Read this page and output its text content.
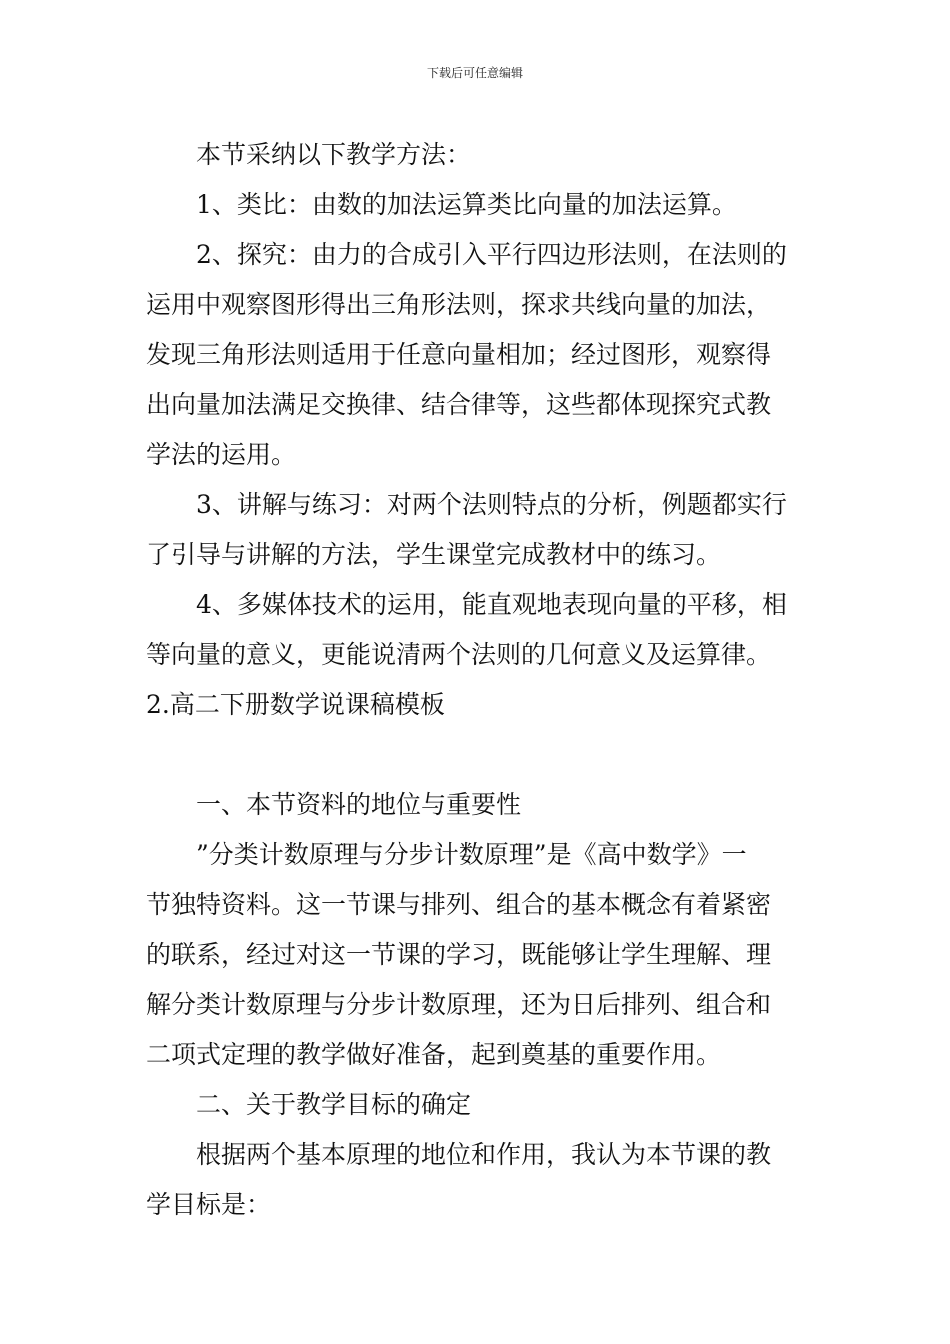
下载后可任意编辑
本节采纳以下教学方法：
1、类比：由数的加法运算类比向量的加法运算。
2、探究：由力的合成引入平行四边形法则，在法则的
运用中观察图形得出三角形法则，探求共线向量的加法，
发现三角形法则适用于任意向量相加；经过图形，观察得
出向量加法满足交换律、结合律等，这些都体现探究式教
学法的运用。
3、讲解与练习：对两个法则特点的分析，例题都实行
了引导与讲解的方法，学生课堂完成教材中的练习。
4、多媒体技术的运用，能直观地表现向量的平移，相
等向量的意义，更能说清两个法则的几何意义及运算律。
2.高二下册数学说课稿模板
一、本节资料的地位与重要性
”分类计数原理与分步计数原理”是《高中数学》一
节独特资料。这一节课与排列、组合的基本概念有着紧密
的联系，经过对这一节课的学习，既能够让学生理解、理
解分类计数原理与分步计数原理，还为日后排列、组合和
二项式定理的教学做好准备，起到奠基的重要作用。
二、关于教学目标的确定
根据两个基本原理的地位和作用，我认为本节课的教
学目标是：
